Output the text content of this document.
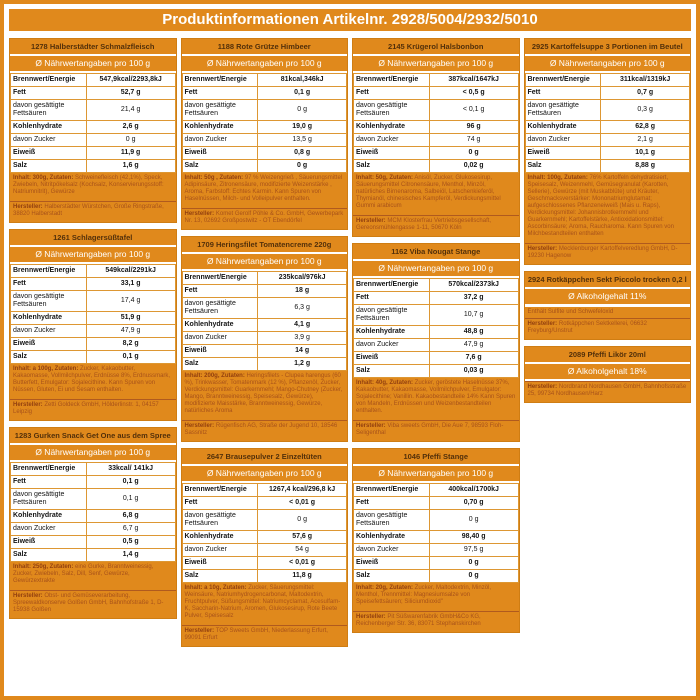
Produktinformationen Artikelnr. 2928/5004/2932/5010
1278 Halberstädter Schmalzfleisch
Ø Nährwertangaben pro 100 g
Brennwert/Energie	547,9kcal/2293,8kJ
Fett	52,7 g
davon gesättigte Fettsäuren	21,4 g
Kohlenhydrate	2,6 g
davon Zucker	0 g
Eiweiß	11,9 g
Salz	1,6 g
Inhalt: 300g, Zutaten: Schweinefleisch (42,1%), Speck, Zwiebeln, Nitritpökelsalz (Kochsalz, Konservierungsstoff: Natriumnitrit), Gewürze
Hersteller: Halberstädter Würstchen, Große Ringstraße, 38820 Halberstadt
1261 Schlagersüßtafel
Ø Nährwertangaben pro 100 g
Brennwert/Energie	549kcal/2291kJ
Fett	33,1 g
davon gesättigte Fettsäuren	17,4 g
Kohlenhydrate	51,9 g
davon Zucker	47,9 g
Eiweiß	8,2 g
Salz	0,1 g
Inhalt: a 100g, Zutaten: Zucker, Kakaobutter, Kakaomasse, Vollmilchpulver, Erdnüsse 8%, Erdnussmark, Butterfett, Emulgator: Sojalecithine. Kann Spuren von Nüssen, Gluten, Ei und Sesam enthalten.
Hersteller: Zetti Goldeck GmbH, Hölderlinstr. 1, 04157 Leipzig
1283 Gurken Snack Get One aus dem Spree
Ø Nährwertangaben pro 100 g
Brennwert/Energie	33kcal/ 141kJ
Fett	0,1 g
davon gesättigte Fettsäuren	0,1 g
Kohlenhydrate	6,8 g
davon Zucker	6,7 g
Eiweiß	0,5 g
Salz	1,4 g
Inhalt: 250g, Zutaten: eine Gurke, Branntweinessig, Zucker, Zwiebeln, Salz, Dill, Senf, Gewürze, Gewürzextrakte
Hersteller: Obst- und Gemüseverarbeitung, Spreewaldkonserve Golßen GmbH, Bahnhofstraße 1, D-15938 Golßen
1188 Rote Grütze Himbeer
Ø Nährwertangaben pro 100 g
Brennwert/Energie	81kcal,346kJ
Fett	0,1 g
davon gesättigte Fettsäuren	0 g
Kohlenhydrate	19,0 g
davon Zucker	13,5 g
Eiweiß	0,8 g
Salz	0 g
Inhalt: 50g , Zutaten: 97 % Weizengrieß , Säuerungsmittel Adipinsäure, Zitronensäure, modifizierte Weizenstärke , Aroma, Farbstoff: Echtes Karmin. Kann Spuren von Haselnüssen, Milch- und Volleipulver enthalten.
Hersteller: Komet Gerolf Pöhle & Co. GmbH, Gewerbepark Nr. 13, 02692 Großpostwitz - OT Ebendörfel
1709 Heringsfilet Tomatencreme 220g
Ø Nährwertangaben pro 100 g
Brennwert/Energie	235kcal/976kJ
Fett	18 g
davon gesättigte Fettsäuren	6,3 g
Kohlenhydrate	4,1 g
davon Zucker	3,9 g
Eiweiß	14 g
Salz	1,2 g
Inhalt: 200g, Zutaten: Heringsfilets - Clupea harengus (60 %), Trinkwasser, Tomatenmark (12 %), Pflanzenöl, Zucker, Verdickungsmittel: Guarkernmehl; Mango-Chutney (Zucker, Mango, Branntweinessig, Speisesalz, Gewürze), modifizierte Maisstärke, Branntweinessig, Gewürze, natürliches Aroma
Hersteller: Rügenfisch AG, Straße der Jugend 10, 18546 Sassnitz
2647 Brausepulver 2 Einzeltüten
Ø Nährwertangaben pro 100 g
Brennwert/Energie	1267,4 kcal/296,8 kJ
Fett	< 0,01 g
davon gesättigte Fettsäuren	0 g
Kohlenhydrate	57,6 g
davon Zucker	54 g
Eiweiß	< 0,01 g
Salz	11,8 g
Inhalt: a 10g, Zutaten: Zucker, Säuerungsmittel: Weinsäure, Natriumhydrogencarbonat, Maltodextrin, Fruchtpulver, Süßungsmittel: Natriumcyclamat, Acesulfam-K, Saccharin-Natrium, Aromen, Glukosesirup, Rote Beete Pulver, Speisesalz
Hersteller: TOP Sweets GmbH, Niederlassung Erfurt, 99091 Erfurt
2145 Krügerol Halsbonbon
Ø Nährwertangaben pro 100 g
Brennwert/Energie	387kcal/1647kJ
Fett	< 0,5 g
davon gesättigte Fettsäuren	< 0,1 g
Kohlenhydrate	96 g
davon Zucker	74 g
Eiweiß	0 g
Salz	0,02 g
Inhalt: 50g, Zutaten: Anisöl, Zucker, Glukosesirup, Säuerungsmittel Citronensäure, Menthol, Minzöl, natürliches Birnenaroma, Salbeiöl, Latschenkieferöl, Thymianöl, chinesisches Kampferöl, Verdickungsmittel Gummi arabicum
Hersteller: MCM Klosterfrau Vertriebsgesellschaft, Gereonsmühlengasse 1-11, 50670 Köln
1162 Viba Nougat Stange
Ø Nährwertangaben pro 100 g
Brennwert/Energie	570kcal/2373kJ
Fett	37,2 g
davon gesättigte Fettsäuren	10,7 g
Kohlenhydrate	48,8 g
davon Zucker	47,9 g
Eiweiß	7,6 g
Salz	0,03 g
Inhalt: 40g, Zutaten: Zucker, geröstete Haselnüsse 37%, Kakaobutter, Kakaomasse, Vollmilchpulver, Emulgator: Sojalecithine; Vanillin. Kakaobestandteile 14% Kann Spuren von Mandeln, Erdnüssen und Weizenbestandteilen enthalten.
Hersteller: Viba sweets GmbH, Die Aue 7, 98593 Floh-Seligenthal
1046 Pfeffi Stange
Ø Nährwertangaben pro 100 g
Brennwert/Energie	400kcal/1700kJ
Fett	0,70 g
davon gesättigte Fettsäuren	0 g
Kohlenhydrate	98,40 g
davon Zucker	97,5 g
Eiweiß	0 g
Salz	0 g
Inhalt: 20g, Zutaten: Zucker, Maltodextrin, Minzöl, Menthol, Trennmittel: Magnesiumsalze von Speisefettsäuren; Siliciumdioxid"
Hersteller: Pit Süßwarenfabrik GmbH&Co KG, Reichenberger Str. 36, 83071 Stephanskirchen
2925 Kartoffelsuppe 3 Portionen im Beutel
Ø Nährwertangaben pro 100 g
Brennwert/Energie	311kcal/1319kJ
Fett	0,7 g
davon gesättigte Fettsäuren	0,3 g
Kohlenhydrate	62,8 g
davon Zucker	2,1 g
Eiweiß	10,1 g
Salz	8,88 g
Inhalt: 100g, Zutaten: 76% Kartoffeln dehydratisiert, Speisesalz, Weizenmehl, Gemüsegranulat (Karotten, Sellerie), Gewürze (mit Muskatblüte) und Kräuter, Geschmacksverstärker: Mononatriumglutamat; aufgeschlossenes Pflanzeneiweiß (Mais u. Raps), Verdickungsmittel: Johannisbrotkernmehl und Guarkernmehl; Kartoffelstärke, Antioxidationsmittel: Ascorbinsäure; Aroma, Raucharoma. Kann Spuren von Milchbestandteilen enthalten
Hersteller: Mecklenburger Kartoffelveredlung GmbH, D-19230 Hagenow
2924 Rotkäppchen Sekt Piccolo trocken 0,2 l
Ø Alkoholgehalt 11%
Enthält Sulfite und Schwefeloxid
Hersteller: Rotkäppchen Sektkellerei, 06632 Freyburg/Unstrut
2089 Pfeffi Likör 20ml
Ø Alkoholgehalt 18%
Hersteller: Nordbrand Nordhausen GmbH, Bahnhofsstraße 25, 99734 Nordhausen/Harz
